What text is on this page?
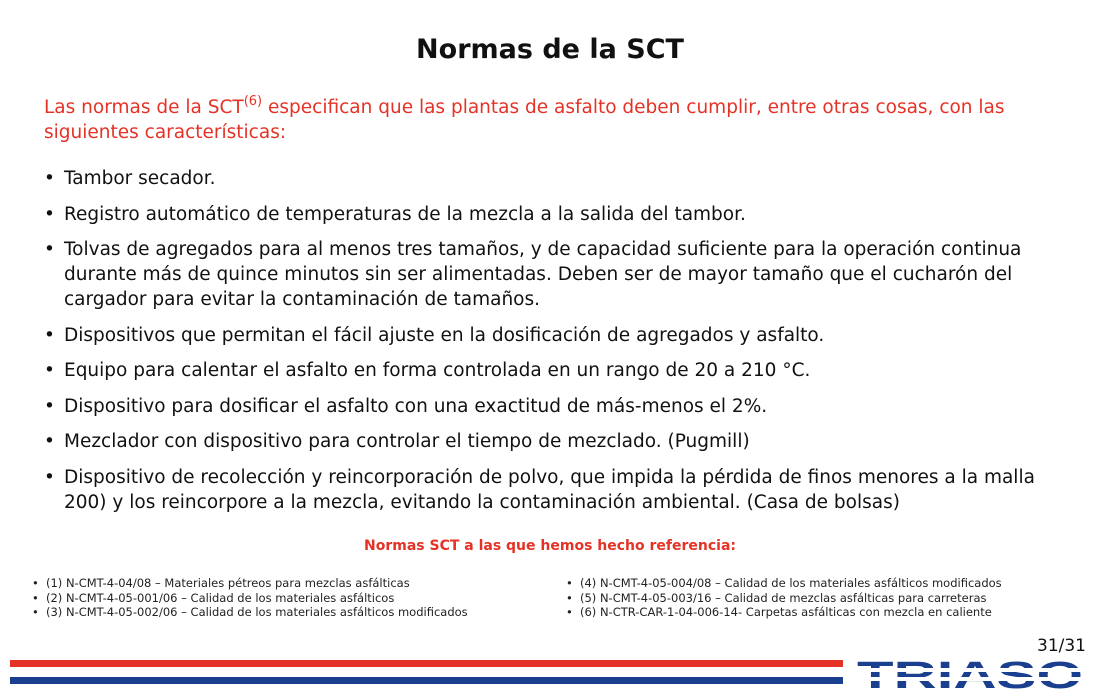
Normas de la SCT
Las normas de la SCT$^{(6)}$ especifican que las plantas de asfalto deben cumplir, entre otras cosas, con las siguientes características:
• Tambor secador.
• Registro automático de temperaturas de la mezcla a la salida del tambor.
• Tolvas de agregados para al menos tres tamaños, y de capacidad suficiente para la operación continua durante más de quince minutos sin ser alimentadas. Deben ser de mayor tamaño que el cucharón del cargador para evitar la contaminación de tamaños.
• Dispositivos que permitan el fácil ajuste en la dosificación de agregados y asfalto.
• Equipo para calentar el asfalto en forma controlada en un rango de 20 a 210 °C.
• Dispositivo para dosificar el asfalto con una exactitud de más-menos el 2%.
• Mezclador con dispositivo para controlar el tiempo de mezclado. (Pugmill)
• Dispositivo de recolección y reincorporación de polvo, que impida la pérdida de finos menores a la malla 200) y los reincorpore a la mezcla, evitando la contaminación ambiental. (Casa de bolsas)
Normas SCT a las que hemos hecho referencia:
• (1) N-CMT-4-04/08 – Materiales pétreos para mezclas asfálticas
• (2) N-CMT-4-05-001/06 – Calidad de los materiales asfálticos
• (3) N-CMT-4-05-002/06 – Calidad de los materiales asfálticos modificados
• (4) N-CMT-4-05-004/08 – Calidad de los materiales asfálticos modificados
• (5) N-CMT-4-05-003/16 – Calidad de mezclas asfálticas para carreteras
• (6) N-CTR-CAR-1-04-006-14- Carpetas asfálticas con mezcla en caliente
31/31
